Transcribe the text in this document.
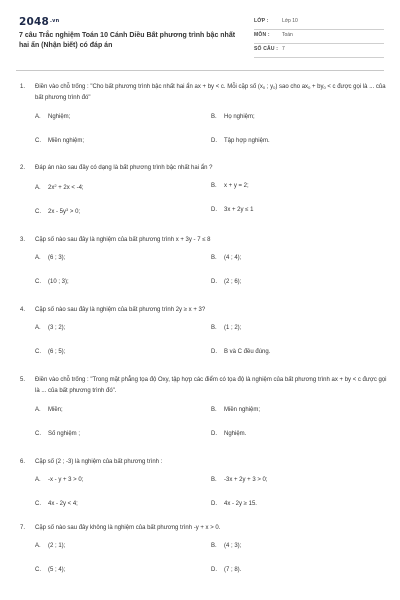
$2048^{.vn}$
7 câu Trắc nghiệm Toán 10 Cánh Diều Bất phương trình bậc nhất hai ẩn (Nhận biết) có đáp án
LỚP :	Lớp 10
MÔN : Toán
SỐ CÂU : 7
1. Điền vào chỗ trống : "Cho bất phương trình bậc nhất hai ẩn ax + by < c. Mỗi cặp số ($x_0$ ; $y_0$) sao cho $ax_0 + by_0 < c$ được gọi là ... của bất phương trình đó"
A. Nghiệm;	B. Họ nghiệm;
C. Miền nghiệm;	D. Tập hợp nghiệm.
2. Đáp án nào sau đây có dạng là bất phương trình bậc nhất hai ẩn ?
A. $2x^2 + 2x < -4$;	B. x + y = 2;
C. $2x - 5y^3 > 0$;	D. 3x + 2y ≤ 1
3. Cặp số nào sau đây là nghiệm của bất phương trình x + 3y - 7 ≤ 8
A. (6 ; 3);	B. (4 ; 4);
C. (10 ; 3);	D. (2 ; 6);
4. Cặp số nào sau đây là nghiệm của bất phương trình 2y ≥ x + 3?
A. (3 ; 2);	B. (1 ; 2);
C. (6 ; 5);	D. B và C đều đúng.
5. Điền vào chỗ trống : "Trong mặt phẳng tọa độ Oxy, tập hợp các điểm có tọa độ là nghiệm của bất phương trình ax + by < c được gọi là ... của bất phương trình đó".
A. Miền;	B. Miền nghiệm;
C. Số nghiệm ;	D. Nghiệm.
6. Cặp số (2 ; -3) là nghiệm của bất phương trình :
A. -x - y + 3 > 0;	B. -3x + 2y + 3 > 0;
C. 4x - 2y < 4;	D. 4x - 2y ≥ 15.
7. Cặp số nào sau đây không là nghiệm của bất phương trình -y + x > 0.
A. (2 ; 1);	B. (4 ; 3);
C. (5 ; 4);	D. (7 ; 8).
